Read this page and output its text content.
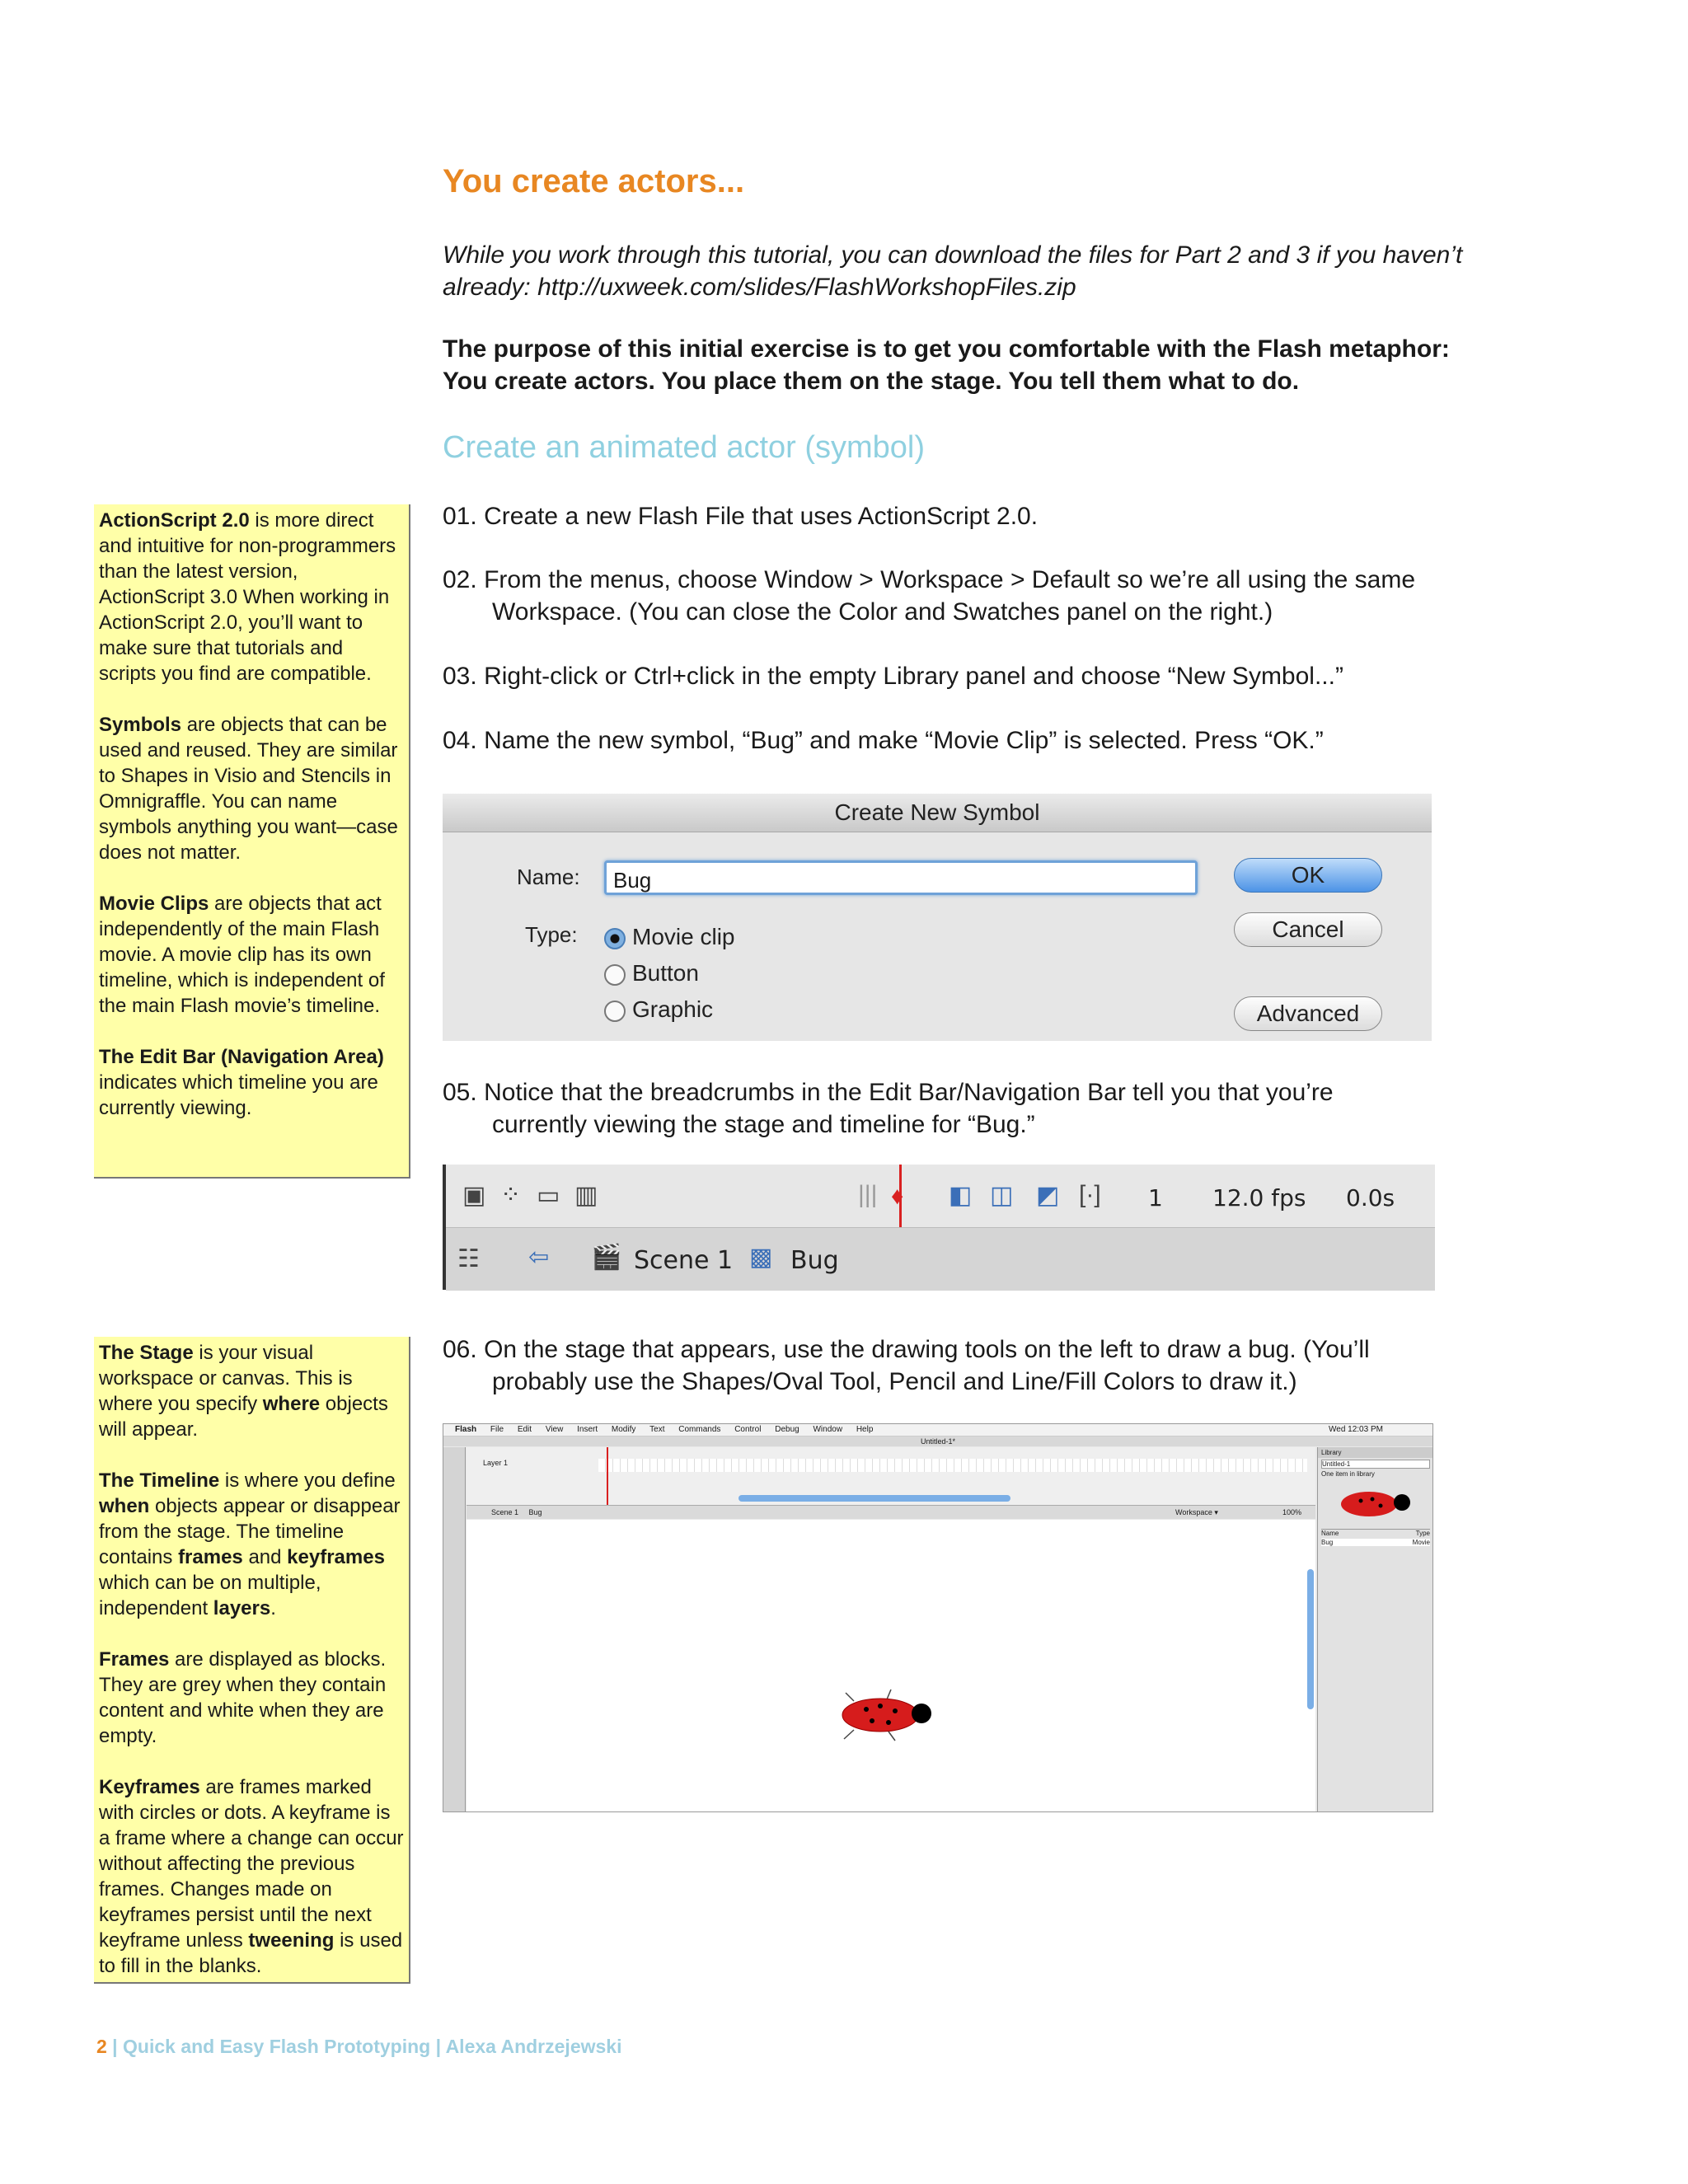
You create actors...
While you work through this tutorial, you can download the files for Part 2 and 3 if you haven’t already: http://uxweek.com/slides/FlashWorkshopFiles.zip
The purpose of this initial exercise is to get you comfortable with the Flash metaphor: You create actors. You place them on the stage. You tell them what to do.
Create an animated actor (symbol)
01. Create a new Flash File that uses ActionScript 2.0.
02. From the menus, choose Window > Workspace > Default so we’re all using the same
Workspace. (You can close the Color and Swatches panel on the right.)
03. Right-click or Ctrl+click in the empty Library panel and choose “New Symbol...”
04. Name the new symbol, “Bug” and make “Movie Clip” is selected. Press “OK.”
05. Notice that the breadcrumbs in the Edit Bar/Navigation Bar tell you that you’re
currently viewing the stage and timeline for “Bug.”
06. On the stage that appears, use the drawing tools on the left to draw a bug. (You’ll
probably use the Shapes/Oval Tool, Pencil and Line/Fill Colors to draw it.)

ActionScript 2.0 is more direct and intuitive for non-programmers than the latest version, ActionScript 3.0 When working in ActionScript 2.0, you’ll want to make sure that tutorials and scripts you find are compatible.

Symbols are objects that can be used and reused. They are similar to Shapes in Visio and Stencils in Omnigraffle. You can name symbols anything you want—case does not matter.

Movie Clips are objects that act independently of the main Flash movie. A movie clip has its own timeline, which is independent of the main Flash movie’s timeline.

The Edit Bar (Navigation Area) indicates which timeline you are currently viewing.

The Stage is your visual workspace or canvas. This is where you specify where objects will appear.

The Timeline is where you define when objects appear or disappear from the stage. The timeline contains frames and keyframes which can be on multiple, independent layers.

Frames are displayed as blocks. They are grey when they contain content and white when they are empty.

Keyframes are frames marked with circles or dots. A keyframe is a frame where a change can occur without affecting the previous frames. Changes made on keyframes persist until the next keyframe unless tweening is used to fill in the blanks.

Create New Symbol
Name:	Bug
Type:	Movie clip
Button
Graphic
OK
Cancel
Advanced
▣ ⁘ ▭ ▥	||| ♦ ◧ ◫ ◩ [·] 1 12.0 fps 0.0s
☷ ⇦ 🎬 Scene 1 ▩ Bug
Flash File Edit View Insert Modify Text Commands Control Debug Window Help	Wed 12:03 PM
Untitled-1*
Layer 1
Scene 1 Bug	Workspace ▾	100%
Library
Untitled-1
One item in library
Name	Type
Bug	Movie
2 | Quick and Easy Flash Prototyping | Alexa Andrzejewski
